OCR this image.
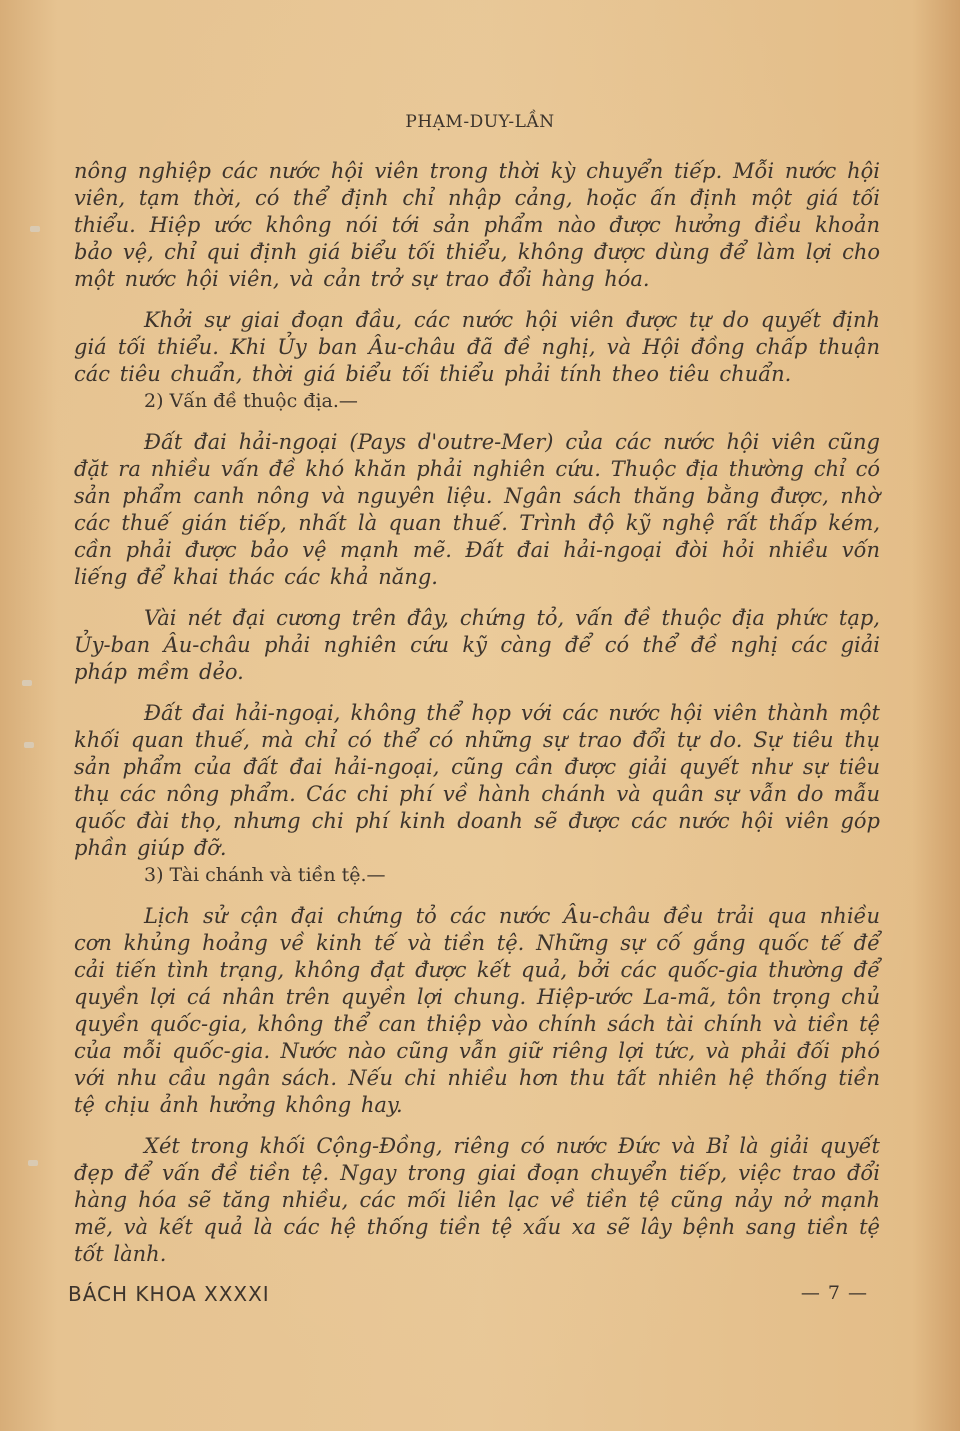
PHẠM-DUY-LẦN

nông nghiệp các nước hội viên trong thời kỳ chuyển tiếp. Mỗi nước hội viên, tạm thời, có thể định chỉ nhập cảng, hoặc ấn định một giá tối thiểu. Hiệp ước không nói tới sản phẩm nào được hưởng điều khoản bảo vệ, chỉ qui định giá biểu tối thiểu, không được dùng để làm lợi cho một nước hội viên, và cản trở sự trao đổi hàng hóa.

Khởi sự giai đoạn đầu, các nước hội viên được tự do quyết định giá tối thiểu. Khi Ủy ban Âu-châu đã đề nghị, và Hội đồng chấp thuận các tiêu chuẩn, thời giá biểu tối thiểu phải tính theo tiêu chuẩn.

2) Vấn đề thuộc địa.—

Đất đai hải-ngoại (Pays d'outre-Mer) của các nước hội viên cũng đặt ra nhiều vấn đề khó khăn phải nghiên cứu. Thuộc địa thường chỉ có sản phẩm canh nông và nguyên liệu. Ngân sách thăng bằng được, nhờ các thuế gián tiếp, nhất là quan thuế. Trình độ kỹ nghệ rất thấp kém, cần phải được bảo vệ mạnh mẽ. Đất đai hải-ngoại đòi hỏi nhiều vốn liếng để khai thác các khả năng.

Vài nét đại cương trên đây, chứng tỏ, vấn đề thuộc địa phức tạp, Ủy-ban Âu-châu phải nghiên cứu kỹ càng để có thể đề nghị các giải pháp mềm dẻo.

Đất đai hải-ngoại, không thể họp với các nước hội viên thành một khối quan thuế, mà chỉ có thể có những sự trao đổi tự do. Sự tiêu thụ sản phẩm của đất đai hải-ngoại, cũng cần được giải quyết như sự tiêu thụ các nông phẩm. Các chi phí về hành chánh và quân sự vẫn do mẫu quốc đài thọ, nhưng chi phí kinh doanh sẽ được các nước hội viên góp phần giúp đỡ.

3) Tài chánh và tiền tệ.—

Lịch sử cận đại chứng tỏ các nước Âu-châu đều trải qua nhiều cơn khủng hoảng về kinh tế và tiền tệ. Những sự cố gắng quốc tế để cải tiến tình trạng, không đạt được kết quả, bởi các quốc-gia thường để quyền lợi cá nhân trên quyền lợi chung. Hiệp-ước La-mã, tôn trọng chủ quyền quốc-gia, không thể can thiệp vào chính sách tài chính và tiền tệ của mỗi quốc-gia. Nước nào cũng vẫn giữ riêng lợi tức, và phải đối phó với nhu cầu ngân sách. Nếu chi nhiều hơn thu tất nhiên hệ thống tiền tệ chịu ảnh hưởng không hay.

Xét trong khối Cộng-Đồng, riêng có nước Đức và Bỉ là giải quyết đẹp để vấn đề tiền tệ. Ngay trong giai đoạn chuyển tiếp, việc trao đổi hàng hóa sẽ tăng nhiều, các mối liên lạc về tiền tệ cũng nảy nở mạnh mẽ, và kết quả là các hệ thống tiền tệ xấu xa sẽ lây bệnh sang tiền tệ tốt lành.

BÁCH KHOA XXXXI	— 7 —
